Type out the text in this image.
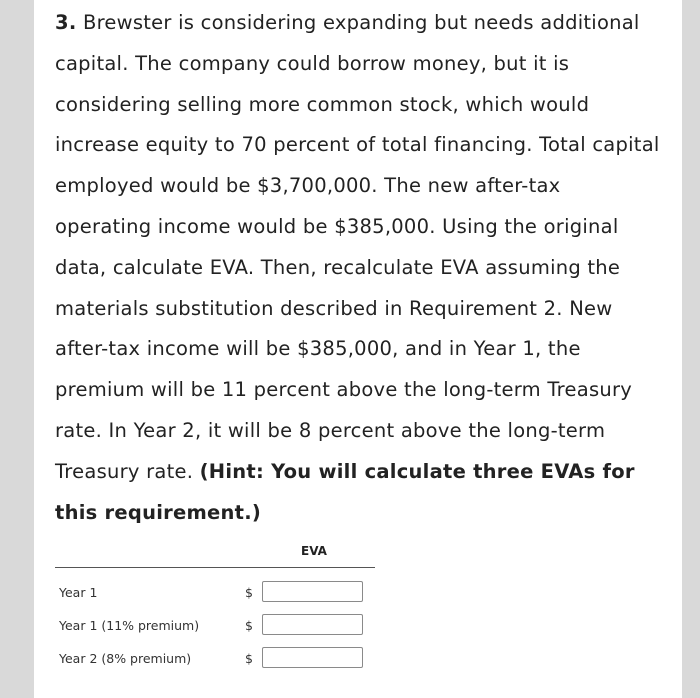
3. Brewster is considering expanding but needs additional
capital. The company could borrow money, but it is
considering selling more common stock, which would
increase equity to 70 percent of total financing. Total capital
employed would be $3,700,000. The new after-tax
operating income would be $385,000. Using the original
data, calculate EVA. Then, recalculate EVA assuming the
materials substitution described in Requirement 2. New
after-tax income will be $385,000, and in Year 1, the
premium will be 11 percent above the long-term Treasury
rate. In Year 2, it will be 8 percent above the long-term
Treasury rate. (Hint: You will calculate three EVAs for
this requirement.)
EVA
Year 1	$
Year 1 (11% premium)	$
Year 2 (8% premium)	$
